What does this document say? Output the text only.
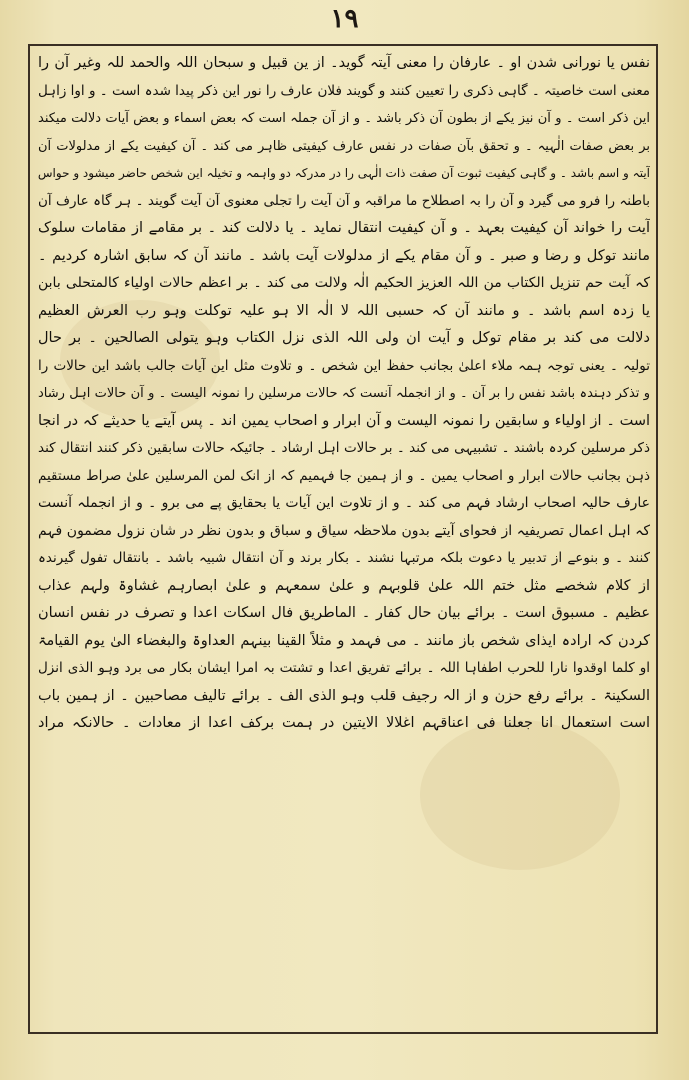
١٩
نفس یا نورانی شدن او ۔ عارفان را معنی آیتہ گوید۔ از ین قبیل و سبحان اللہ والحمد للہ وغیر آن را
معنی است خاصیتہ ۔ گاہی ذکری را تعیین کنند و گویند فلان عارف را نور این ذکر پیدا شدہ است ۔ و اوا زاہل
این ذکر است ۔ و آن نیز یکے از بطون آن ذکر باشد ۔ و از آن جملہ است کہ بعض اسماء و بعض آیات دلالت میکند
بر بعض صفات الٰہیہ ۔ و تحقق بآن صفات در نفس عارف کیفیتی ظاہر می کند ۔ آن کیفیت یکے از مدلولات آن
آیتہ و اسم باشد ۔ و گاہی کیفیت ثبوت آن صفت ذات الٰہی را در مدرکہ دو واہمہ و تخیلہ این شخص حاضر میشود و حواس
باطنہ را فرو می گیرد و آن را بہ اصطلاح ما مراقبہ و آن آیت را تجلی معنوی آن آیت گویند ۔ ہر گاہ عارف آن
آیت را خواند آن کیفیت بعہد ۔ و آن کیفیت انتقال نماید ۔ یا دلالت کند ۔ بر مقامے از مقامات سلوک
مانند توکل و رضا و صبر ۔ و آن مقام یکے از مدلولات آیت باشد ۔ مانند آن کہ سابق اشارہ کردیم ۔
کہ آیت حم تنزیل الکتاب من اللہ العزیز الحکیم الٰہ ولالت می کند ۔ بر اعظم حالات اولیاء کالمتحلی بابن
یا زدہ اسم باشد ۔ و مانند آن کہ حسبی اللہ لا الٰہ الا ہو علیہ توکلت وہو رب العرش العظیم
دلالت می کند بر مقام توکل و آیت ان ولی اللہ الذی نزل الکتاب وہو یتولی الصالحین ۔ بر حال
تولیہ ۔ یعنی توجہ ہمہ ملاء اعلیٰ بجانب حفظ این شخص ۔ و تلاوت مثل این آیات جالب باشد این حالات را
و تذکر دہندہ باشد نفس را بر آن ۔ و از انجملہ آنست کہ حالات مرسلین را نمونہ الیست ۔ و آن حالات اہل رشاد
است ۔ از اولیاء و سابقین را نمونہ الیست و آن ابرار و اصحاب یمین اند ۔ پس آیتے یا حدیثے کہ در انجا
ذکر مرسلین کردہ باشند ۔ تشبیہی می کند ۔ بر حالات اہل ارشاد ۔ جائیکہ حالات سابقین ذکر کنند انتقال کند
ذہن بجانب حالات ابرار و اصحاب یمین ۔ و از ہمین جا فہمیم کہ از انک لمن المرسلین علیٰ صراط مستقیم
عارف حالیہ اصحاب ارشاد فہم می کند ۔ و از تلاوت این آیات یا بحقایق پے می برو ۔ و از انجملہ آنست
کہ اہل اعمال تصریفیہ از فحوای آیتے بدون ملاحظہ سیاق و سباق و بدون نظر در شان نزول مضمون فہم
کنند ۔ و بنوعے از تدبیر یا دعوت بلکہ مرتبہا نشند ۔ بکار برند و آن انتقال شبیہ باشد ۔ بانتقال تفول گیرندہ
از کلام شخصے مثل ختم اللہ علیٰ قلوبہم و علیٰ سمعہم و علیٰ ابصارہم غشاوۃ ولہم عذاب
عظیم ۔ مسبوق است ۔ برائے بیان حال کفار ۔ الماطریق فال اسکات اعدا و تصرف در نفس انسان
کردن کہ ارادہ ایذای شخص باز مانند ۔ می فہمد و مثلاً القینا بینہم العداوۃ والبغضاء الیٰ یوم القیامۃ
او کلما اوقدوا نارا للحرب اطفاہا اللہ ۔ برائے تفریق اعدا و تشتت بہ امرا ایشان بکار می برد وہو الذی انزل
السکینۃ ۔ برائے رفع حزن و از الہ رجیف قلب وہو الذی الف ۔ برائے تالیف مصاحبین ۔ از ہمین باب
است استعمال انا جعلنا فی اعناقہم اغلالا الایتین در ہمت برکف اعدا از معادات ۔ حالانکہ مراد
